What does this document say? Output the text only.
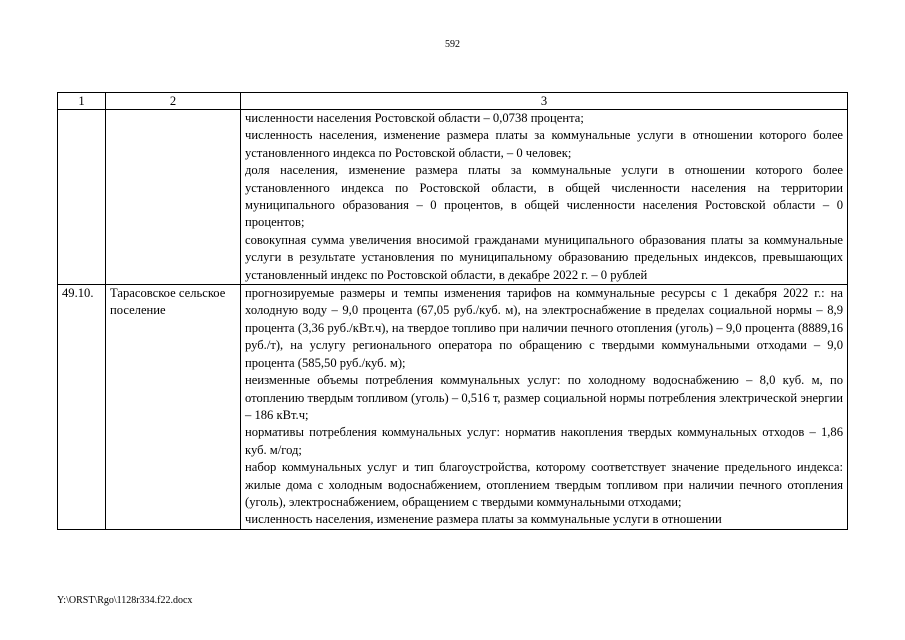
592
1	2	3

		численности населения Ростовской области – 0,0738 процента;

численность населения, изменение размера платы за коммунальные услуги в отношении которого более установленного индекса по Ростовской области, – 0 человек;

доля населения, изменение размера платы за коммунальные услуги в отношении которого более установленного индекса по Ростовской области, в общей численности населения на территории муниципального образования – 0 процентов, в общей численности населения Ростовской области – 0 процентов;

совокупная сумма увеличения вносимой гражданами муниципального образования платы за коммунальные услуги в результате установления по муниципальному образованию предельных индексов, превышающих установленный индекс по Ростовской области, в декабре 2022 г. – 0 рублей

49.10.	Тарасовское сельское поселение	прогнозируемые размеры и темпы изменения тарифов на коммунальные ресурсы с 1 декабря 2022 г.: на холодную воду – 9,0 процента (67,05 руб./куб. м), на электроснабжение в пределах социальной нормы – 8,9 процента (3,36 руб./кВт.ч), на твердое топливо при наличии печного отопления (уголь) – 9,0 процента (8889,16 руб./т), на услугу регионального оператора по обращению с твердыми коммунальными отходами – 9,0 процента (585,50 руб./куб. м);

неизменные объемы потребления коммунальных услуг: по холодному водоснабжению – 8,0 куб. м, по отоплению твердым топливом (уголь) – 0,516 т, размер социальной нормы потребления электрической энергии – 186 кВт.ч;

нормативы потребления коммунальных услуг: норматив накопления твердых коммунальных отходов – 1,86 куб. м/год;

набор коммунальных услуг и тип благоустройства, которому соответствует значение предельного индекса: жилые дома с холодным водоснабжением, отоплением твердым топливом при наличии печного отопления (уголь), электроснабжением, обращением с твердыми коммунальными отходами;

численность населения, изменение размера платы за коммунальные услуги в отношении

Y:\ORST\Rgo\1128r334.f22.docx
